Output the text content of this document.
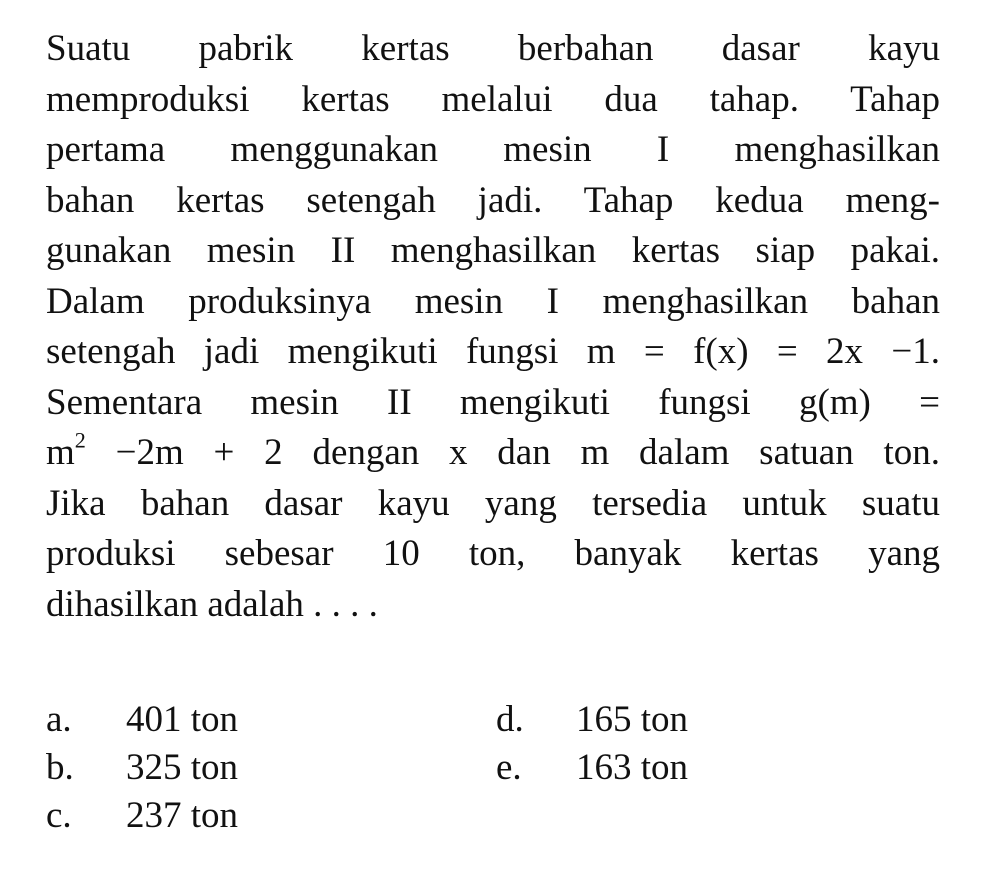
Suatu pabrik kertas berbahan dasar kayu
memproduksi kertas melalui dua tahap. Tahap
pertama menggunakan mesin I menghasilkan
bahan kertas setengah jadi. Tahap kedua meng-
gunakan mesin II menghasilkan kertas siap pakai.
Dalam produksinya mesin I menghasilkan bahan
setengah jadi mengikuti fungsi m = f(x) = 2x −1.
Sementara mesin II mengikuti fungsi g(m) =
$m^2 -2m + 2$ dengan x dan m dalam satuan ton.
Jika bahan dasar kayu yang tersedia untuk suatu
produksi sebesar 10 ton, banyak kertas yang
dihasilkan adalah . . . .
a. 401 ton
b. 325 ton
c. 237 ton
d. 165 ton
e. 163 ton
